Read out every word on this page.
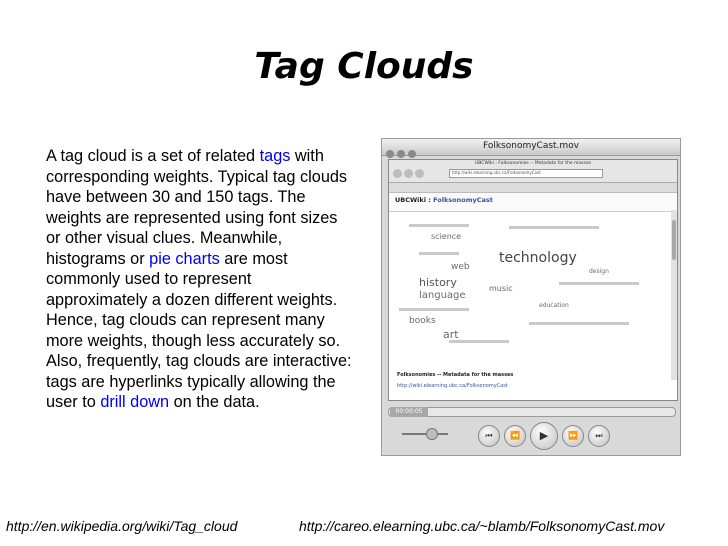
Tag Clouds
A tag cloud is a set of related tags with corresponding weights. Typical tag clouds have between 30 and 150 tags. The weights are represented using font sizes or other visual clues. Meanwhile, histograms or pie charts are most commonly used to represent approximately a dozen different weights. Hence, tag clouds can represent many more weights, though less accurately so. Also, frequently, tag clouds are interactive: tags are hyperlinks typically allowing the user to drill down on the data.
FolksonomyCast.mov
UBCWiki : Folksonomies -- Metadata for the masses
http://wiki.elearning.ubc.ca/FolksonomyCast
UBCWiki : FolksonomyCast
science
technology
web
history
language
music
books
art
education
design
Folksonomies -- Metadata for the masses
http://wiki.elearning.ubc.ca/FolksonomyCast
00:00:05
⏮	⏪	▶	⏩	⏭
http://en.wikipedia.org/wiki/Tag_cloud	http://careo.elearning.ubc.ca/~blamb/FolksonomyCast.mov
